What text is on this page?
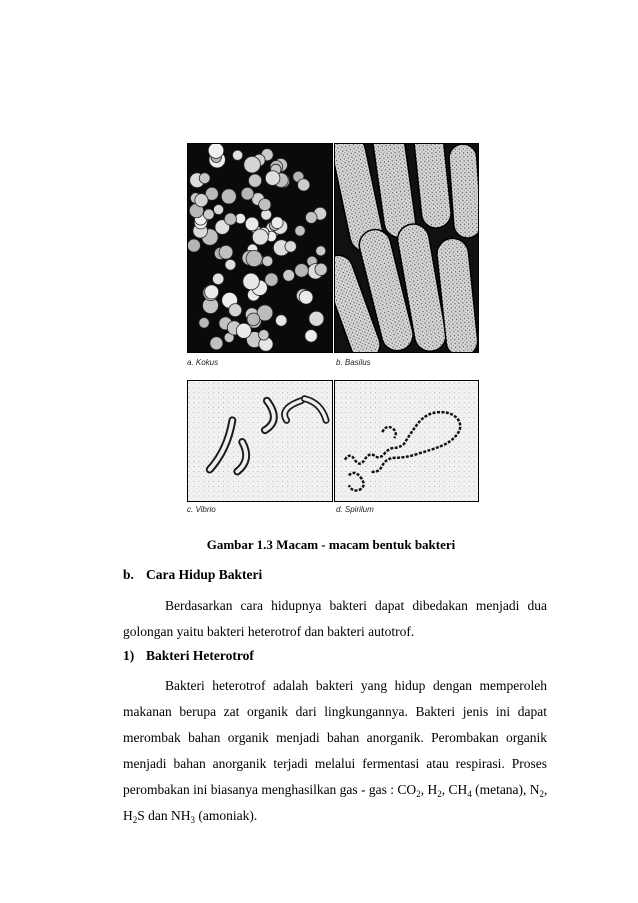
a. Kokus	b. Basilus
c. Vibrio	d. Spirilum
Gambar 1.3 Macam - macam bentuk bakteri
b. Cara Hidup Bakteri
Berdasarkan cara hidupnya bakteri dapat dibedakan menjadi dua
golongan yaitu bakteri heterotrof dan bakteri autotrof.
1) Bakteri Heterotrof
Bakteri heterotrof adalah bakteri yang hidup dengan memperoleh
makanan berupa zat organik dari lingkungannya. Bakteri jenis ini dapat
merombak bahan organik menjadi bahan anorganik. Perombakan organik
menjadi bahan anorganik terjadi melalui fermentasi atau respirasi. Proses
perombakan ini biasanya menghasilkan gas - gas : $CO_2$, $H_2$, $CH_4$ (metana), $N_2$,
$H_2S$ dan $NH_3$ (amoniak).
